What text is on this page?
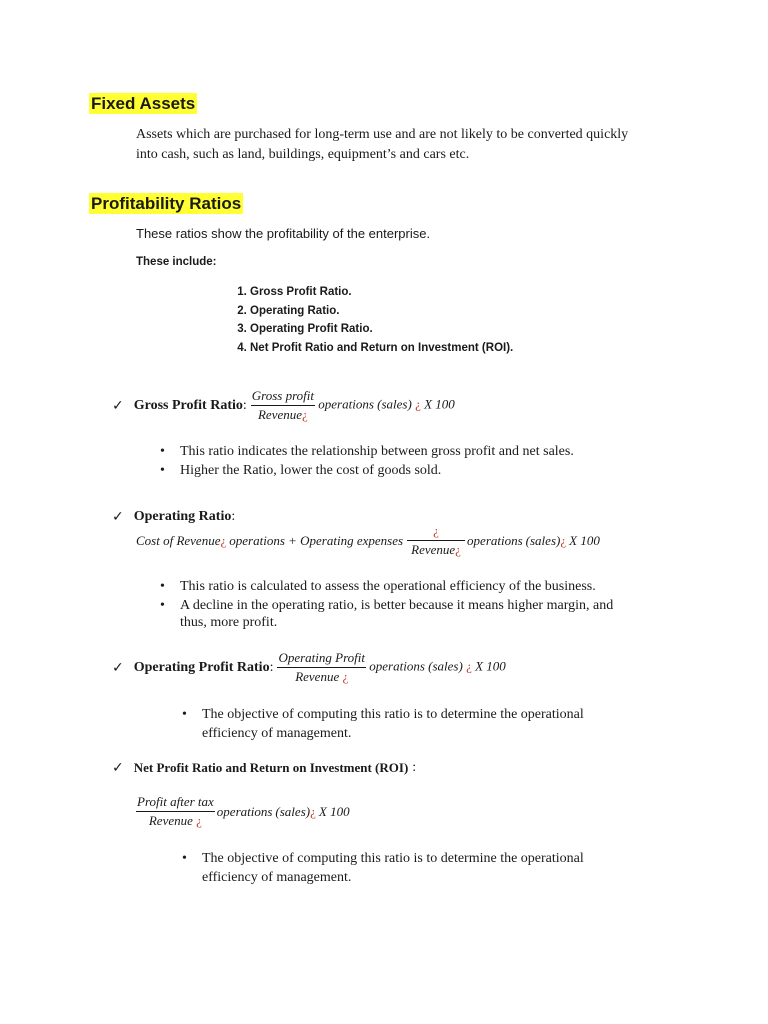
Fixed Assets
Assets which are purchased for long-term use and are not likely to be converted quickly
into cash, such as land, buildings, equipment’s and cars etc.
Profitability Ratios
These ratios show the profitability of the enterprise.
These include:
1. Gross Profit Ratio.
2. Operating Ratio.
3. Operating Profit Ratio.
4. Net Profit Ratio and Return on Investment (ROI).
✓ Gross Profit Ratio : $\frac{\text{Gross profit}}{\text{Revenue¿}}$ operations (sales) ¿ X 100
• This ratio indicates the relationship between gross profit and net sales.
• Higher the Ratio, lower the cost of goods sold.
✓ Operating Ratio :
Cost of Revenue ¿ operations + Operating expenses $\frac{¿}{\text{Revenue¿}}$ operations (sales) ¿ X 100
• This ratio is calculated to assess the operational efficiency of the business.
• A decline in the operating ratio, is better because it means higher margin, and
thus, more profit.
✓ Operating Profit Ratio : $\frac{\text{Operating Profit}}{\text{Revenue ¿}}$ operations (sales) ¿ X 100
• The objective of computing this ratio is to determine the operational
efficiency of management.
✓ Net Profit Ratio and Return on Investment (ROI) :
$\frac{\text{Profit after tax}}{\text{Revenue ¿}}$ operations (sales) ¿ X 100
• The objective of computing this ratio is to determine the operational
efficiency of management.
